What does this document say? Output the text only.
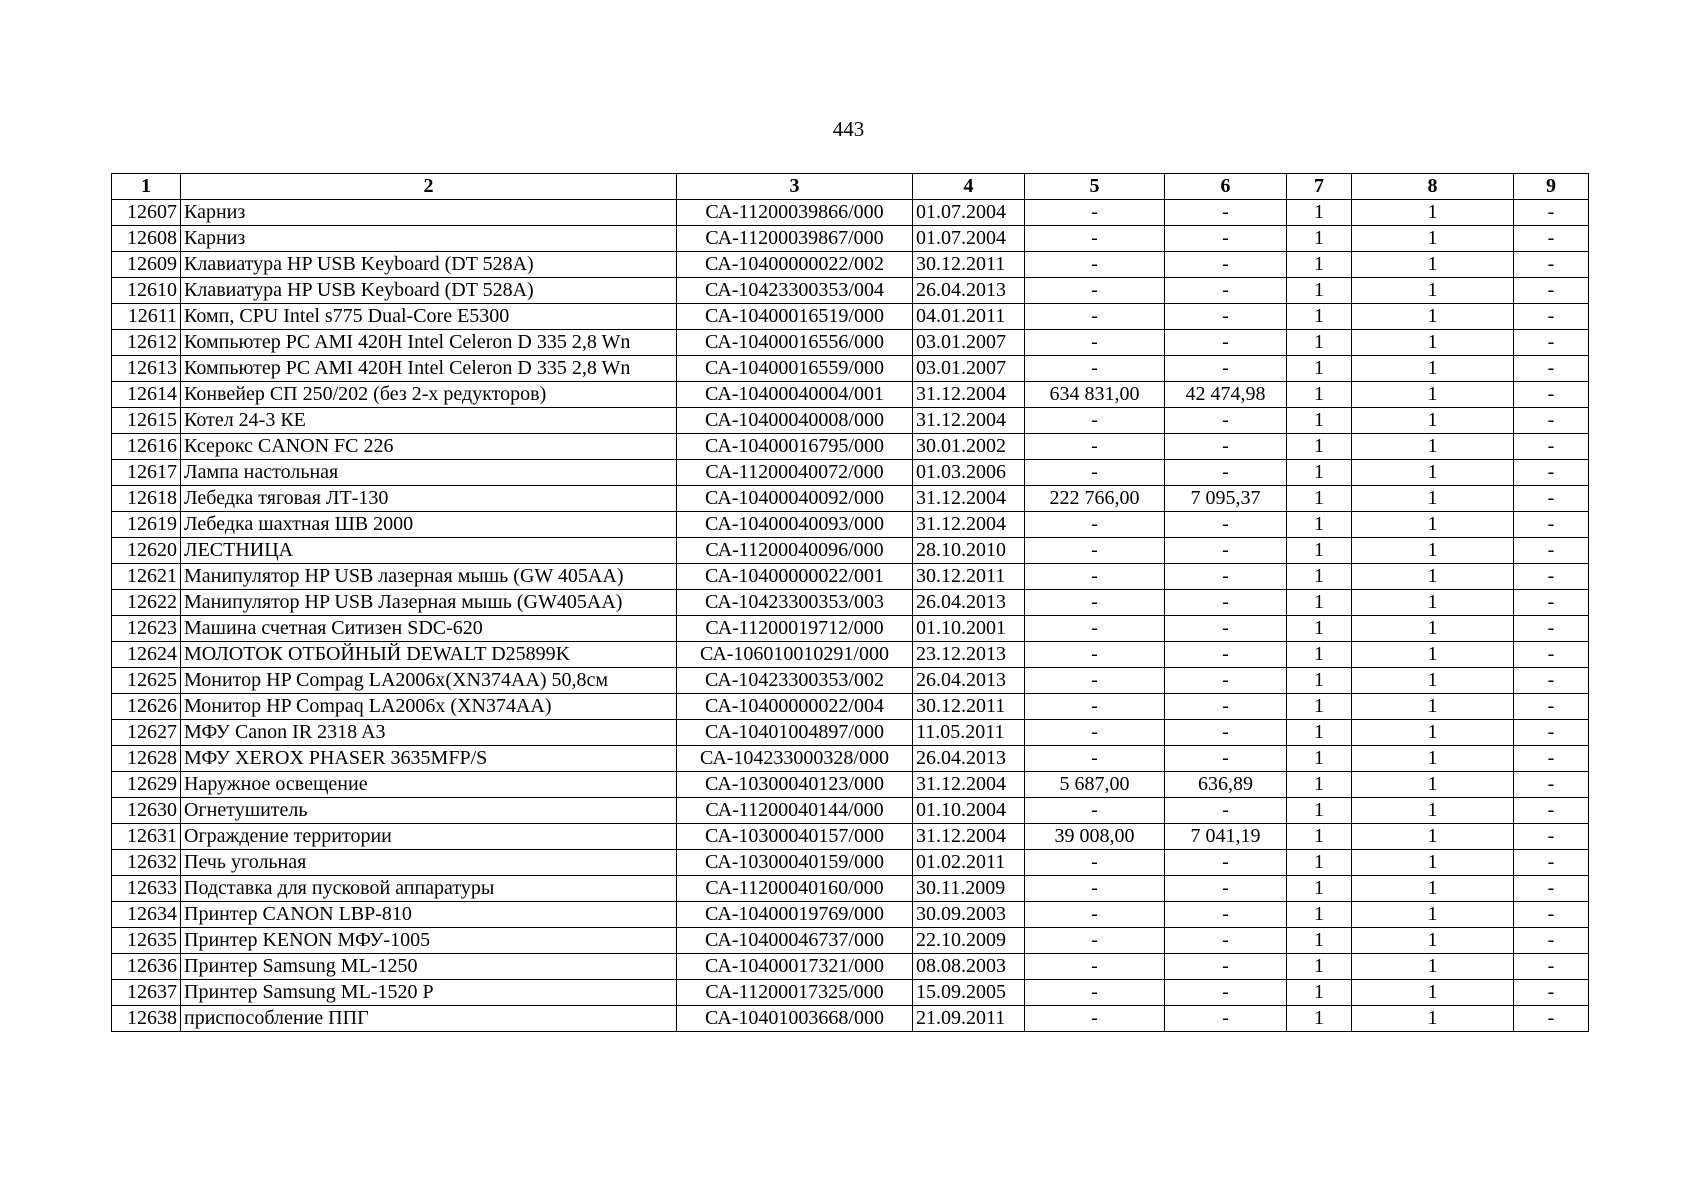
443
1	2	3	4	5	6	7	8	9
12607	Карниз	СА-11200039866/000	01.07.2004	-	-	1	1	-
12608	Карниз	СА-11200039867/000	01.07.2004	-	-	1	1	-
12609	Клавиатура HP USB Keyboard (DT 528A)	СА-10400000022/002	30.12.2011	-	-	1	1	-
12610	Клавиатура HP USB Keyboard (DT 528A)	СА-10423300353/004	26.04.2013	-	-	1	1	-
12611	Комп, CPU Intel s775 Dual-Core E5300	СА-10400016519/000	04.01.2011	-	-	1	1	-
12612	Компьютер PC AMI 420H Intel Celeron D 335 2,8 Wn	СА-10400016556/000	03.01.2007	-	-	1	1	-
12613	Компьютер PC AMI 420H Intel Celeron D 335 2,8 Wn	СА-10400016559/000	03.01.2007	-	-	1	1	-
12614	Конвейер СП 250/202 (без 2-х редукторов)	СА-10400040004/001	31.12.2004	634 831,00	42 474,98	1	1	-
12615	Котел 24-3 КЕ	СА-10400040008/000	31.12.2004	-	-	1	1	-
12616	Ксерокс CANON FC 226	СА-10400016795/000	30.01.2002	-	-	1	1	-
12617	Лампа настольная	СА-11200040072/000	01.03.2006	-	-	1	1	-
12618	Лебедка тяговая ЛТ-130	СА-10400040092/000	31.12.2004	222 766,00	7 095,37	1	1	-
12619	Лебедка шахтная ШВ 2000	СА-10400040093/000	31.12.2004	-	-	1	1	-
12620	ЛЕСТНИЦА	СА-11200040096/000	28.10.2010	-	-	1	1	-
12621	Манипулятор HP USB лазерная мышь (GW 405AA)	СА-10400000022/001	30.12.2011	-	-	1	1	-
12622	Манипулятор HP USB Лазерная мышь (GW405AA)	СА-10423300353/003	26.04.2013	-	-	1	1	-
12623	Машина счетная Ситизен SDC-620	СА-11200019712/000	01.10.2001	-	-	1	1	-
12624	МОЛОТОК ОТБОЙНЫЙ DEWALT D25899K	СА-106010010291/000	23.12.2013	-	-	1	1	-
12625	Монитор HP Compag LA2006x(XN374AA) 50,8см	СА-10423300353/002	26.04.2013	-	-	1	1	-
12626	Монитор HP Compaq LA2006x (XN374AA)	СА-10400000022/004	30.12.2011	-	-	1	1	-
12627	МФУ Canon IR 2318 A3	СА-10401004897/000	11.05.2011	-	-	1	1	-
12628	МФУ XEROX PHASER 3635MFP/S	СА-104233000328/000	26.04.2013	-	-	1	1	-
12629	Наружное освещение	СА-10300040123/000	31.12.2004	5 687,00	636,89	1	1	-
12630	Огнетушитель	СА-11200040144/000	01.10.2004	-	-	1	1	-
12631	Ограждение территории	СА-10300040157/000	31.12.2004	39 008,00	7 041,19	1	1	-
12632	Печь угольная	СА-10300040159/000	01.02.2011	-	-	1	1	-
12633	Подставка для пусковой аппаратуры	СА-11200040160/000	30.11.2009	-	-	1	1	-
12634	Принтер CANON LBP-810	СА-10400019769/000	30.09.2003	-	-	1	1	-
12635	Принтер KENON МФУ-1005	СА-10400046737/000	22.10.2009	-	-	1	1	-
12636	Принтер Samsung ML-1250	СА-10400017321/000	08.08.2003	-	-	1	1	-
12637	Принтер Samsung ML-1520 P	СА-11200017325/000	15.09.2005	-	-	1	1	-
12638	приспособление ППГ	СА-10401003668/000	21.09.2011	-	-	1	1	-
